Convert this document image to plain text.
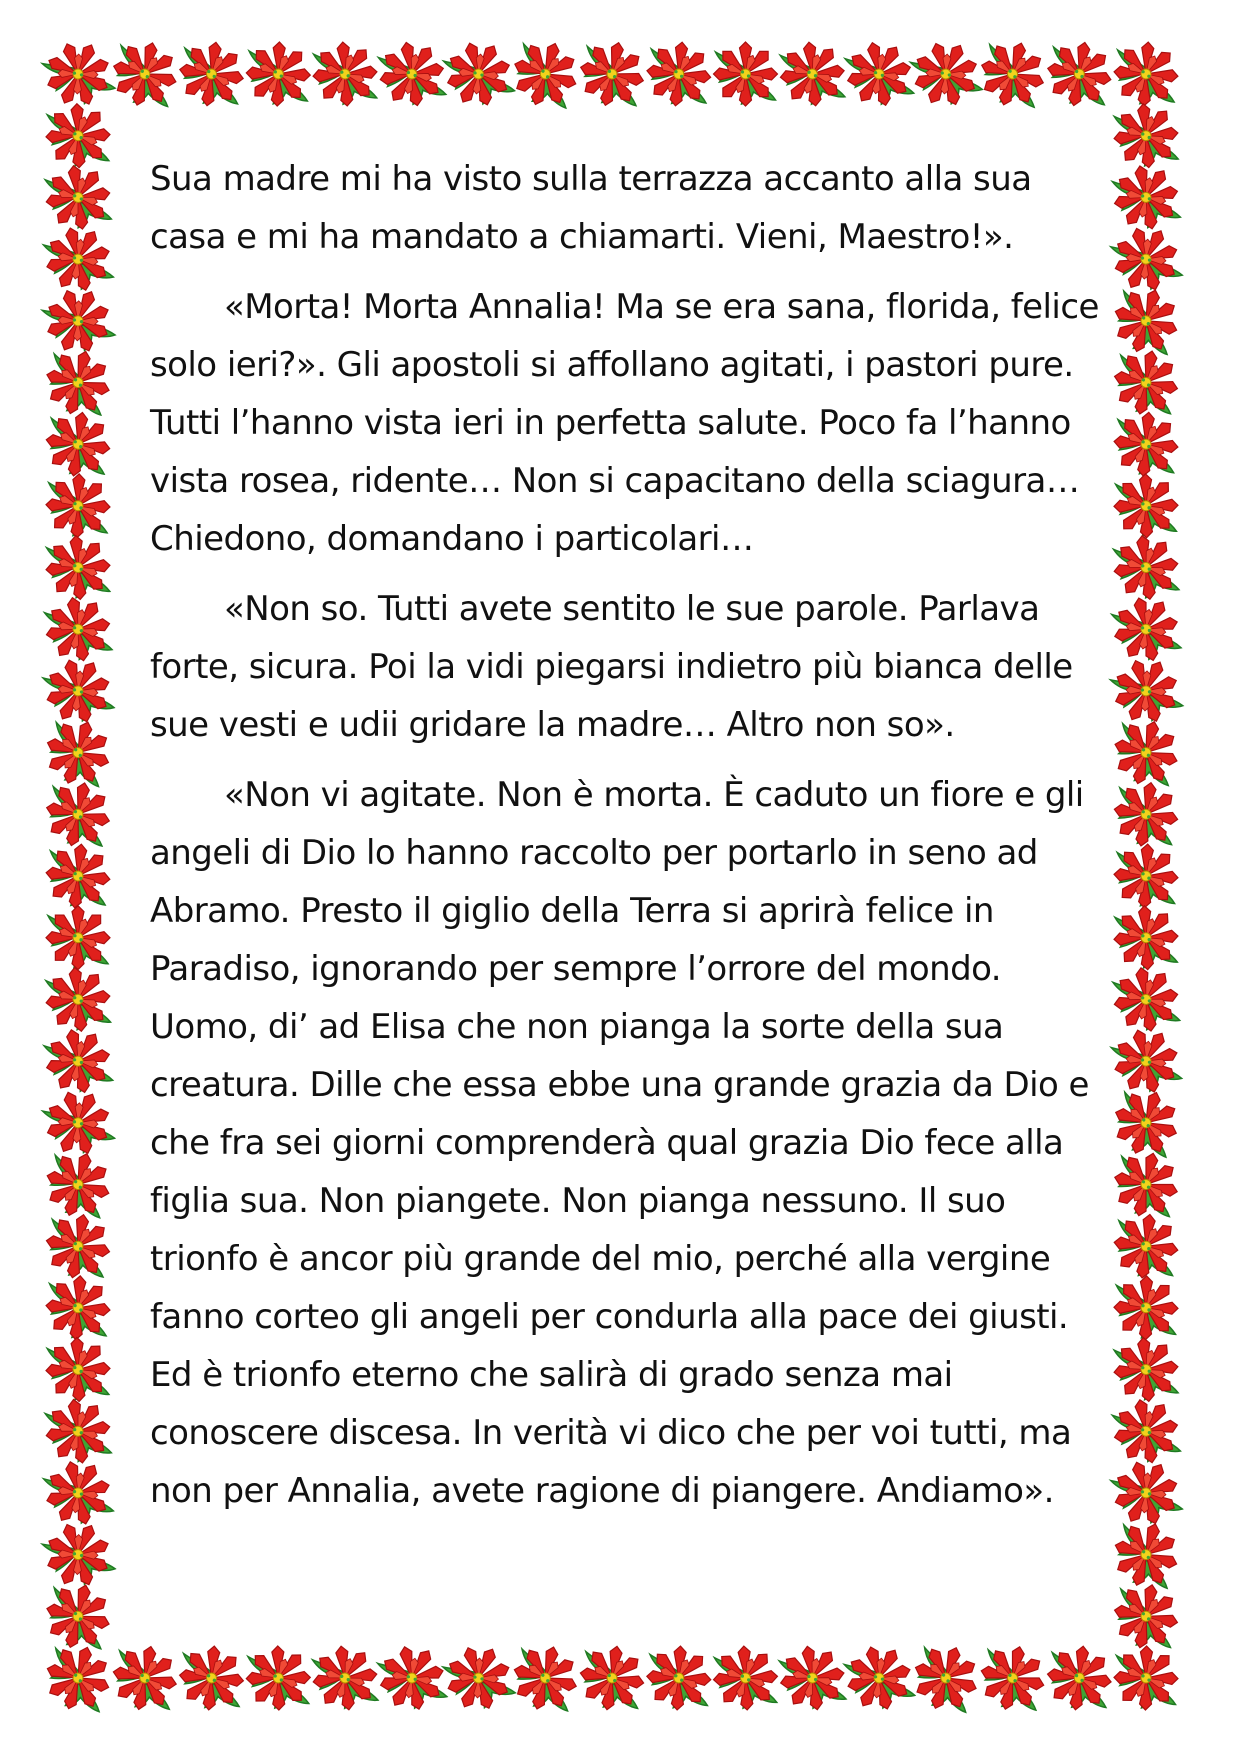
Sua madre mi ha visto sulla terrazza accanto alla sua casa e mi ha mandato a chiamarti. Vieni, Maestro!».

«Morta! Morta Annalia! Ma se era sana, florida, felice solo ieri?». Gli apostoli si affollano agitati, i pastori pure. Tutti l’hanno vista ieri in perfetta salute. Poco fa l’hanno vista rosea, ridente… Non si capacitano della sciagura… Chiedono, domandano i particolari…

«Non so. Tutti avete sentito le sue parole. Parlava forte, sicura. Poi la vidi piegarsi indietro più bianca delle sue vesti e udii gridare la madre… Altro non so».

«Non vi agitate. Non è morta. È caduto un fiore e gli angeli di Dio lo hanno raccolto per portarlo in seno ad Abramo. Presto il giglio della Terra si aprirà felice in Paradiso, ignorando per sempre l’orrore del mondo. Uomo, di’ ad Elisa che non pianga la sorte della sua creatura. Dille che essa ebbe una grande grazia da Dio e che fra sei giorni comprenderà qual grazia Dio fece alla figlia sua. Non piangete. Non pianga nessuno. Il suo trionfo è ancor più grande del mio, perché alla vergine fanno corteo gli angeli per condurla alla pace dei giusti. Ed è trionfo eterno che salirà di grado senza mai conoscere discesa. In verità vi dico che per voi tutti, ma non per Annalia, avete ragione di piangere. Andiamo».
